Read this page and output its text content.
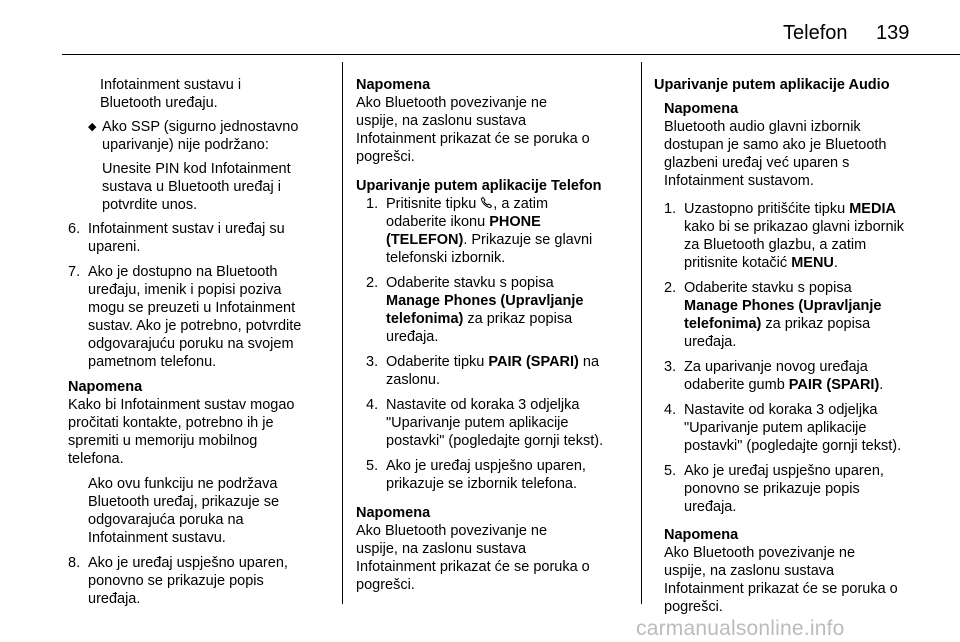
Telefon 139

Infotainment sustavu i

Bluetooth uređaju.

◆ Ako SSP (sigurno jednostavno

uparivanje) nije podržano:

Unesite PIN kod Infotainment

sustava u Bluetooth uređaj i

potvrdite unos.

6. Infotainment sustav i uređaj su

upareni.

7. Ako je dostupno na Bluetooth

uređaju, imenik i popisi poziva

mogu se preuzeti u Infotainment

sustav. Ako je potrebno, potvrdite

odgovarajuću poruku na svojem

pametnom telefonu.

Napomena

Kako bi Infotainment sustav mogao

pročitati kontakte, potrebno ih je

spremiti u memoriju mobilnog

telefona.

Ako ovu funkciju ne podržava

Bluetooth uređaj, prikazuje se

odgovarajuća poruka na

Infotainment sustavu.

8. Ako je uređaj uspješno uparen,

ponovno se prikazuje popis

uređaja.

Napomena

Ako Bluetooth povezivanje ne

uspije, na zaslonu sustava

Infotainment prikazat će se poruka o

pogrešci.

Uparivanje putem aplikacije Telefon

1. Pritisnite tipku , a zatim

odaberite ikonu PHONE

(TELEFON). Prikazuje se glavni

telefonski izbornik.

2. Odaberite stavku s popisa

Manage Phones (Upravljanje

telefonima) za prikaz popisa

uređaja.

3. Odaberite tipku PAIR (SPARI) na

zaslonu.

4. Nastavite od koraka 3 odjeljka

"Uparivanje putem aplikacije

postavki" (pogledajte gornji tekst).

5. Ako je uređaj uspješno uparen,

prikazuje se izbornik telefona.

Napomena

Ako Bluetooth povezivanje ne

uspije, na zaslonu sustava

Infotainment prikazat će se poruka o

pogrešci.

Uparivanje putem aplikacije Audio

Napomena

Bluetooth audio glavni izbornik

dostupan je samo ako je Bluetooth

glazbeni uređaj već uparen s

Infotainment sustavom.

1. Uzastopno pritišćite tipku MEDIA

kako bi se prikazao glavni izbornik

za Bluetooth glazbu, a zatim

pritisnite kotačić MENU.

2. Odaberite stavku s popisa

Manage Phones (Upravljanje

telefonima) za prikaz popisa

uređaja.

3. Za uparivanje novog uređaja

odaberite gumb PAIR (SPARI).

4. Nastavite od koraka 3 odjeljka

"Uparivanje putem aplikacije

postavki" (pogledajte gornji tekst).

5. Ako je uređaj uspješno uparen,

ponovno se prikazuje popis

uređaja.

Napomena

Ako Bluetooth povezivanje ne

uspije, na zaslonu sustava

Infotainment prikazat će se poruka o

pogrešci.

carmanualsonline.info
